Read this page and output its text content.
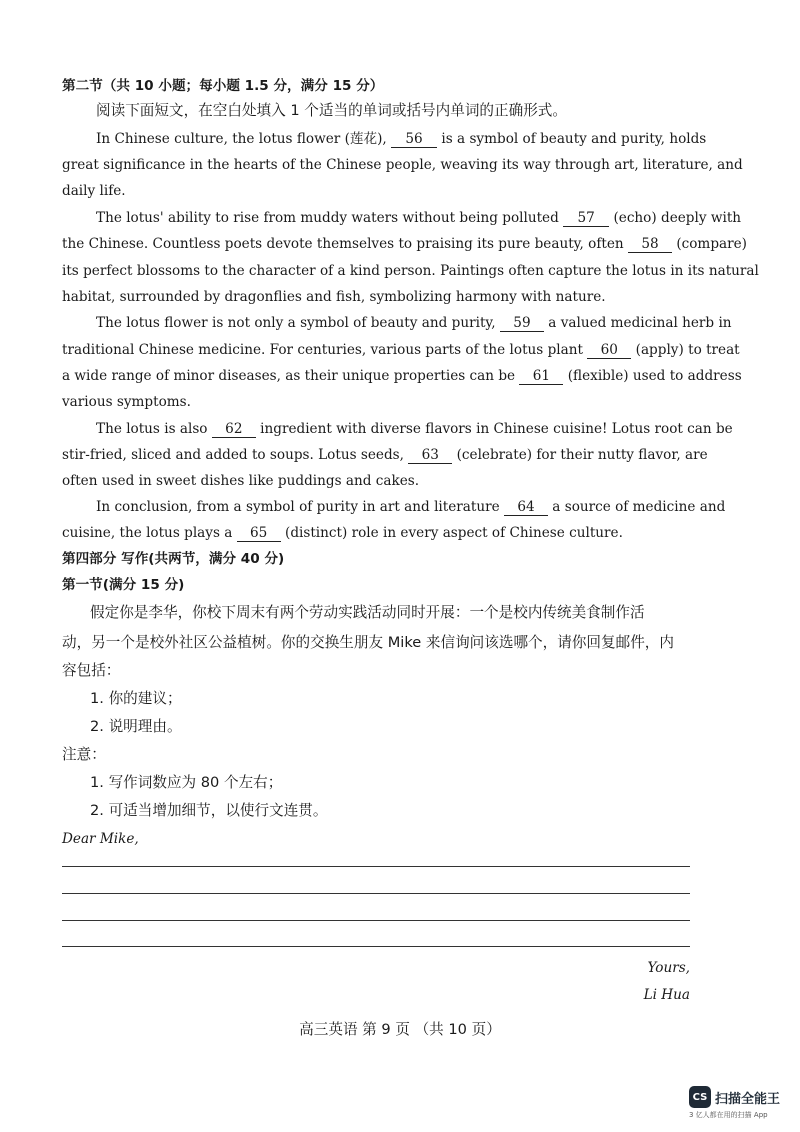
第二节（共 10 小题；每小题 1.5 分，满分 15 分）
阅读下面短文，在空白处填入 1 个适当的单词或括号内单词的正确形式。
In Chinese culture, the lotus flower (莲花), 56 is a symbol of beauty and purity, holds
great significance in the hearts of the Chinese people, weaving its way through art, literature, and
daily life.
The lotus' ability to rise from muddy waters without being polluted 57 (echo) deeply with
the Chinese. Countless poets devote themselves to praising its pure beauty, often 58 (compare)
its perfect blossoms to the character of a kind person. Paintings often capture the lotus in its natural
habitat, surrounded by dragonflies and fish, symbolizing harmony with nature.
The lotus flower is not only a symbol of beauty and purity, 59 a valued medicinal herb in
traditional Chinese medicine. For centuries, various parts of the lotus plant 60 (apply) to treat
a wide range of minor diseases, as their unique properties can be 61 (flexible) used to address
various symptoms.
The lotus is also 62 ingredient with diverse flavors in Chinese cuisine! Lotus root can be
stir-fried, sliced and added to soups. Lotus seeds, 63 (celebrate) for their nutty flavor, are
often used in sweet dishes like puddings and cakes.
In conclusion, from a symbol of purity in art and literature 64 a source of medicine and
cuisine, the lotus plays a 65 (distinct) role in every aspect of Chinese culture.
第四部分 写作(共两节，满分 40 分)
第一节(满分 15 分)
假定你是李华，你校下周末有两个劳动实践活动同时开展：一个是校内传统美食制作活
动，另一个是校外社区公益植树。你的交换生朋友 Mike 来信询问该选哪个，请你回复邮件，内
容包括：
1. 你的建议；
2. 说明理由。
注意：
1. 写作词数应为 80 个左右；
2. 可适当增加细节，以使行文连贯。
Dear Mike,
Yours,
Li Hua
高三英语 第 9 页 （共 10 页）
CS 扫描全能王
3 亿人都在用的扫描 App
